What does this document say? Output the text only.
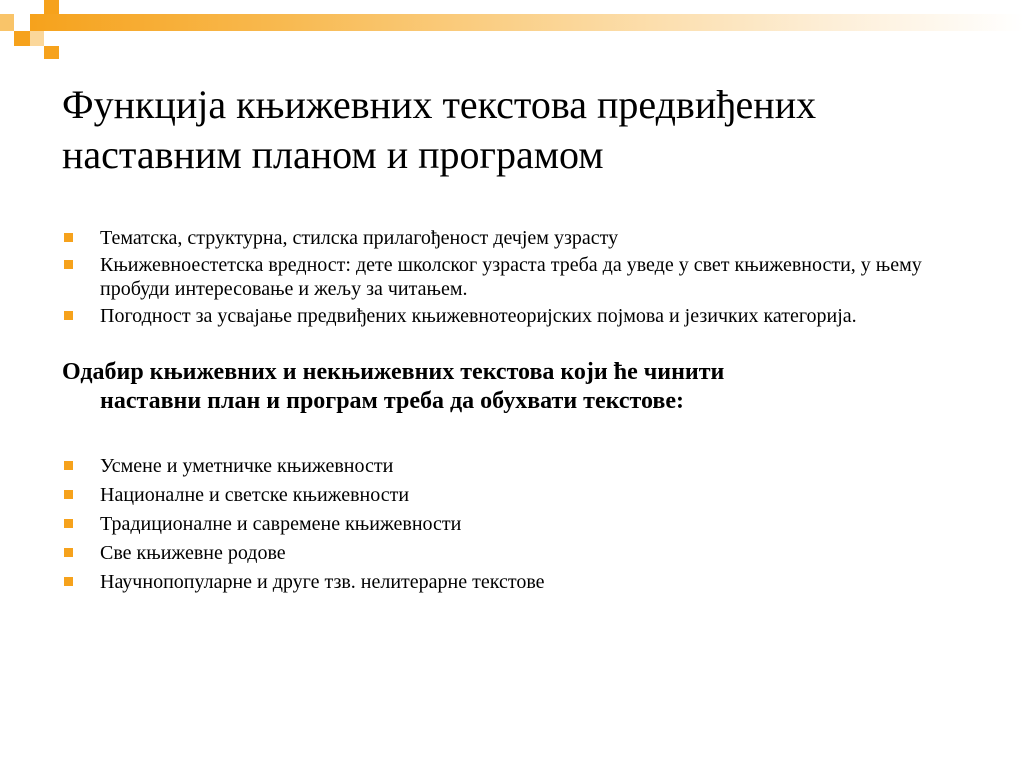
Функција књижевних текстова предвиђених наставним планом и програмом
Тематска, структурна, стилска прилагођеност дечјем узрасту
Књижевноестетска вредност: дете школског узраста треба да уведе у свет књижевности, у њему пробуди интересовање и жељу за читањем.
Погодност за усвајање предвиђених књижевнотеоријских појмова и језичких категорија.

Одабир књижевних и некњижевних текстова који ће чинити
наставни план и програм треба да обухвати текстове:

Усмене и уметничке књижевности
Националне и светске књижевности
Традиционалне и савремене књижевности
Све књижевне родове
Научнопопуларне и друге тзв. нелитерарне текстове
